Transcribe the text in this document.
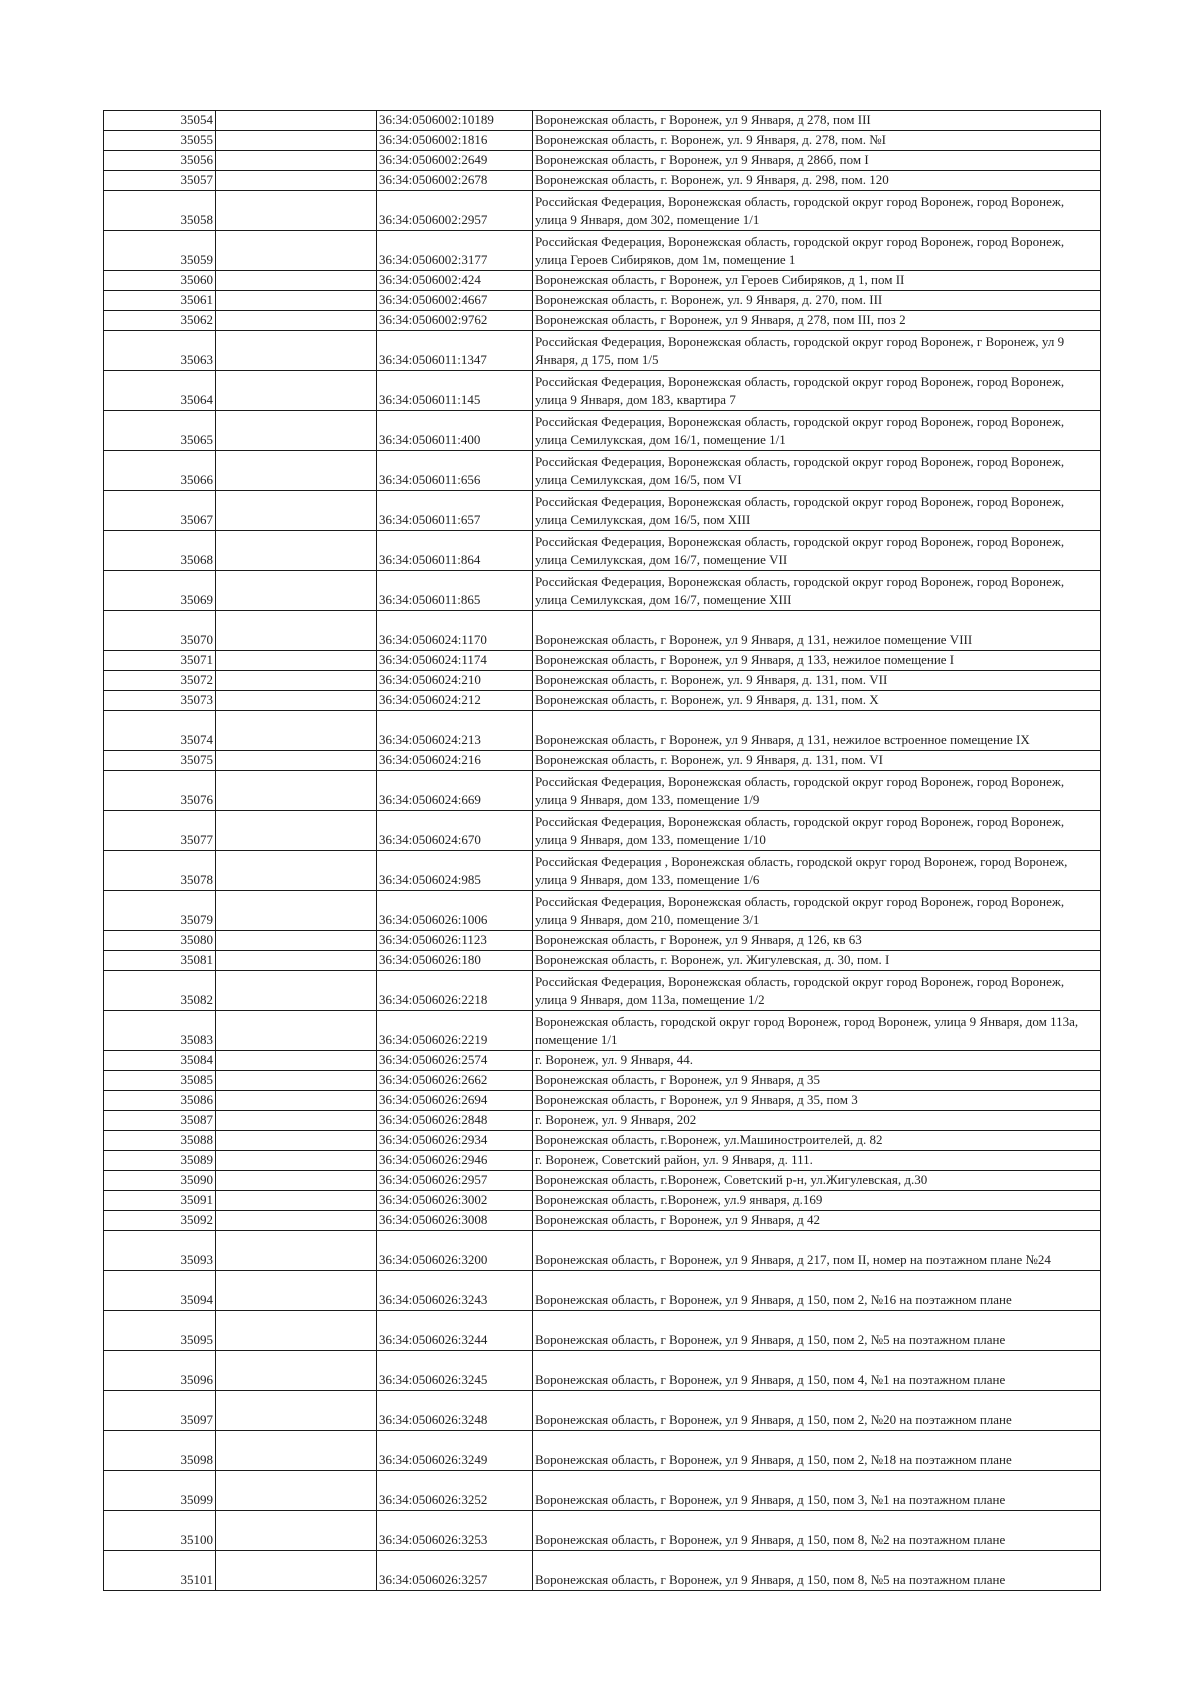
35054		36:34:0506002:10189	Воронежская область, г Воронеж, ул 9 Января, д 278, пом III
35055		36:34:0506002:1816	Воронежская область, г. Воронеж, ул. 9 Января, д. 278, пом. №I
35056		36:34:0506002:2649	Воронежская область, г Воронеж, ул 9 Января, д 286б, пом I
35057		36:34:0506002:2678	Воронежская область, г. Воронеж, ул. 9 Января, д. 298, пом. 120
35058		36:34:0506002:2957	Российская Федерация, Воронежская область, городской округ город Воронеж, город Воронеж, улица 9 Января, дом 302, помещение 1/1
35059		36:34:0506002:3177	Российская Федерация, Воронежская область, городской округ город Воронеж, город Воронеж, улица Героев Сибиряков, дом 1м, помещение 1
35060		36:34:0506002:424	Воронежская область, г Воронеж, ул Героев Сибиряков, д 1, пом II
35061		36:34:0506002:4667	Воронежская область, г. Воронеж, ул. 9 Января, д. 270, пом. III
35062		36:34:0506002:9762	Воронежская область, г Воронеж, ул 9 Января, д 278, пом III, поз 2
35063		36:34:0506011:1347	Российская Федерация, Воронежская область, городской округ город Воронеж, г Воронеж, ул 9 Января, д 175, пом 1/5
35064		36:34:0506011:145	Российская Федерация, Воронежская область, городской округ город Воронеж, город Воронеж, улица 9 Января, дом 183, квартира 7
35065		36:34:0506011:400	Российская Федерация, Воронежская область, городской округ город Воронеж, город Воронеж, улица Семилукская, дом 16/1, помещение 1/1
35066		36:34:0506011:656	Российская Федерация, Воронежская область, городской округ город Воронеж, город Воронеж, улица Семилукская, дом 16/5, пом VI
35067		36:34:0506011:657	Российская Федерация, Воронежская область, городской округ город Воронеж, город Воронеж, улица Семилукская, дом 16/5, пом XIII
35068		36:34:0506011:864	Российская Федерация, Воронежская область, городской округ город Воронеж, город Воронеж, улица Семилукская, дом 16/7, помещение VII
35069		36:34:0506011:865	Российская Федерация, Воронежская область, городской округ город Воронеж, город Воронеж, улица Семилукская, дом 16/7, помещение XIII
35070		36:34:0506024:1170	Воронежская область, г Воронеж, ул 9 Января, д 131, нежилое помещение VIII
35071		36:34:0506024:1174	Воронежская область, г Воронеж, ул 9 Января, д 133, нежилое помещение I
35072		36:34:0506024:210	Воронежская область, г. Воронеж, ул. 9 Января, д. 131, пом. VII
35073		36:34:0506024:212	Воронежская область, г. Воронеж, ул. 9 Января, д. 131, пом. X
35074		36:34:0506024:213	Воронежская область, г Воронеж, ул 9 Января, д 131, нежилое встроенное помещение IX
35075		36:34:0506024:216	Воронежская область, г. Воронеж, ул. 9 Января, д. 131, пом. VI
35076		36:34:0506024:669	Российская Федерация, Воронежская область, городской округ город Воронеж, город Воронеж, улица 9 Января, дом 133, помещение 1/9
35077		36:34:0506024:670	Российская Федерация, Воронежская область, городской округ город Воронеж, город Воронеж, улица 9 Января, дом 133, помещение 1/10
35078		36:34:0506024:985	Российская Федерация , Воронежская область, городской округ город Воронеж, город Воронеж, улица 9 Января, дом 133, помещение 1/6
35079		36:34:0506026:1006	Российская Федерация, Воронежская область, городской округ город Воронеж, город Воронеж, улица 9 Января, дом 210, помещение 3/1
35080		36:34:0506026:1123	Воронежская область, г Воронеж, ул 9 Января, д 126, кв 63
35081		36:34:0506026:180	Воронежская область, г. Воронеж, ул. Жигулевская, д. 30, пом. I
35082		36:34:0506026:2218	Российская Федерация, Воронежская область, городской округ город Воронеж, город Воронеж, улица 9 Января, дом 113а, помещение 1/2
35083		36:34:0506026:2219	Воронежская область, городской округ город Воронеж, город Воронеж, улица 9 Января, дом 113а, помещение 1/1
35084		36:34:0506026:2574	г. Воронеж, ул. 9 Января, 44.
35085		36:34:0506026:2662	Воронежская область, г Воронеж, ул 9 Января, д 35
35086		36:34:0506026:2694	Воронежская область, г Воронеж, ул 9 Января, д 35, пом 3
35087		36:34:0506026:2848	г. Воронеж, ул. 9 Января, 202
35088		36:34:0506026:2934	Воронежская область, г.Воронеж, ул.Машиностроителей, д. 82
35089		36:34:0506026:2946	г. Воронеж, Советский район, ул. 9 Января, д. 111.
35090		36:34:0506026:2957	Воронежская область, г.Воронеж, Советский р-н, ул.Жигулевская, д.30
35091		36:34:0506026:3002	Воронежская область, г.Воронеж, ул.9 января, д.169
35092		36:34:0506026:3008	Воронежская область, г Воронеж, ул 9 Января, д 42
35093		36:34:0506026:3200	Воронежская область, г Воронеж, ул 9 Января, д 217, пом II, номер на поэтажном плане №24
35094		36:34:0506026:3243	Воронежская область, г Воронеж, ул 9 Января, д 150, пом 2, №16 на поэтажном плане
35095		36:34:0506026:3244	Воронежская область, г Воронеж, ул 9 Января, д 150, пом 2, №5 на поэтажном плане
35096		36:34:0506026:3245	Воронежская область, г Воронеж, ул 9 Января, д 150, пом 4, №1 на поэтажном плане
35097		36:34:0506026:3248	Воронежская область, г Воронеж, ул 9 Января, д 150, пом 2, №20 на поэтажном плане
35098		36:34:0506026:3249	Воронежская область, г Воронеж, ул 9 Января, д 150, пом 2, №18 на поэтажном плане
35099		36:34:0506026:3252	Воронежская область, г Воронеж, ул 9 Января, д 150, пом 3, №1 на поэтажном плане
35100		36:34:0506026:3253	Воронежская область, г Воронеж, ул 9 Января, д 150, пом 8, №2 на поэтажном плане
35101		36:34:0506026:3257	Воронежская область, г Воронеж, ул 9 Января, д 150, пом 8, №5 на поэтажном плане
